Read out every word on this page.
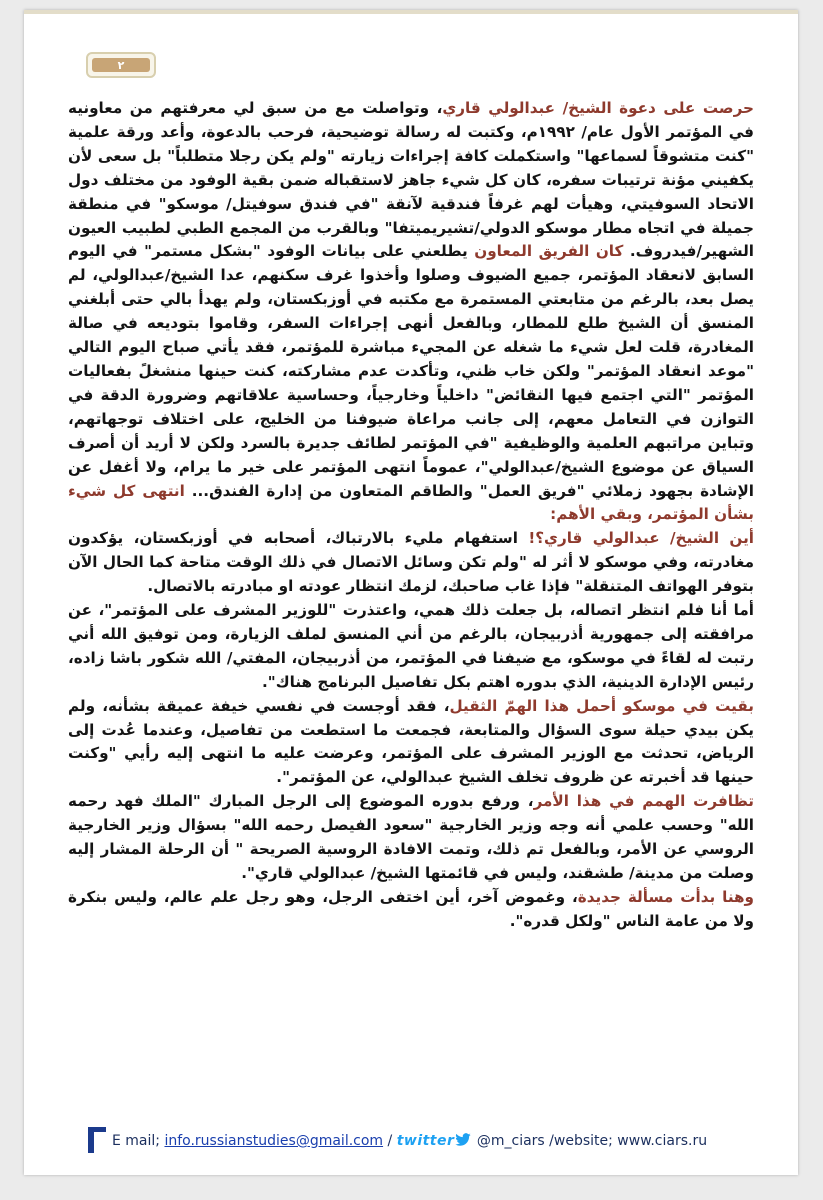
٢

حرصت على دعوة الشيخ/ عبدالولي قاري، وتواصلت مع من سبق لي معرفتهم من معاونيه في المؤتمر الأول عام/ ١٩٩٢م، وكتبت له رسالة توضيحية، فرحب بالدعوة، وأعد ورقة علمية "كنت متشوقاً لسماعها" واستكملت كافة إجراءات زيارته "ولم يكن رجلا متطلباً" بل سعى لأن يكفيني مؤنة ترتيبات سفره، كان كل شيء جاهز لاستقباله ضمن بقية الوفود من مختلف دول الاتحاد السوفيتي، وهيأت لهم غرفاً فندقية لآنقة "في فندق سوفيتل/ موسكو" في منطقة جميلة في اتجاه مطار موسكو الدولي/تشيريميتفا" وبالقرب من المجمع الطبي لطبيب العيون الشهير/فيدروف. كان الفريق المعاون يطلعني على بيانات الوفود "بشكل مستمر" في اليوم السابق لانعقاد المؤتمر، جميع الضيوف وصلوا وأخذوا غرف سكنهم، عدا الشيخ/عبدالولي، لم يصل بعد، بالرغم من متابعتي المستمرة مع مكتبه في أوزبكستان، ولم يهدأ بالي حتى أبلغني المنسق أن الشيخ طلع للمطار، وبالفعل أنهى إجراءات السفر، وقاموا بتوديعه في صالة المغادرة، قلت لعل شيء ما شغله عن المجيء مباشرة للمؤتمر، فقد يأتي صباح اليوم التالي "موعد انعقاد المؤتمر" ولكن خاب ظني، وتأكدت عدم مشاركته، كنت حينها منشغلً بفعاليات المؤتمر "التي اجتمع فيها النقائض" داخلياً وخارجياً، وحساسية علاقاتهم وضرورة الدقة في التوازن في التعامل معهم، إلى جانب مراعاة ضيوفنا من الخليج، على اختلاف توجهاتهم، وتباين مراتبهم العلمية والوظيفية "في المؤتمر لطائف جديرة بالسرد ولكن لا أريد أن أصرف السياق عن موضوع الشيخ/عبدالولي"، عموماً انتهى المؤتمر على خير ما يرام، ولا أغفل عن الإشادة بجهود زملائي "فريق العمل" والطاقم المتعاون من إدارة الفندق... انتهى كل شيء بشأن المؤتمر، وبقي الأهم:

أين الشيخ/ عبدالولي قاري؟! استفهام مليء بالارتباك، أصحابه في أوزبكستان، يؤكدون مغادرته، وفي موسكو لا أثر له "ولم تكن وسائل الاتصال في ذلك الوقت متاحة كما الحال الآن بتوفر الهواتف المتنقلة" فإذا غاب صاحبك، لزمك انتظار عودته او مبادرته بالاتصال.

أما أنا فلم انتظر اتصاله، بل جعلت ذلك همي، واعتذرت "للوزير المشرف على المؤتمر"، عن مرافقته إلى جمهورية أذربيجان، بالرغم من أني المنسق لملف الزيارة، ومن توفيق الله أني رتبت له لقاءً في موسكو، مع ضيفنا في المؤتمر، من أذربيجان، المفتي/ الله شكور باشا زاده، رئيس الإدارة الدينية، الذي بدوره اهتم بكل تفاصيل البرنامج هناك".

بقيت في موسكو أحمل هذا الهمّ الثقيل، فقد أوجست في نفسي خيفة عميقة بشأنه، ولم يكن بيدي حيلة سوى السؤال والمتابعة، فجمعت ما استطعت من تفاصيل، وعندما عُدت إلى الرياض، تحدثت مع الوزير المشرف على المؤتمر، وعرضت عليه ما انتهى إليه رأيي "وكنت حينها قد أخبرته عن ظروف تخلف الشيخ عبدالولي، عن المؤتمر".

تظافرت الهمم في هذا الأمر، ورفع بدوره الموضوع إلى الرجل المبارك "الملك فهد رحمه الله" وحسب علمي أنه وجه وزير الخارجية "سعود الفيصل رحمه الله" بسؤال وزير الخارجية الروسي عن الأمر، وبالفعل تم ذلك، وتمت الافادة الروسية الصريحة " أن الرحلة المشار إليه وصلت من مدينة/ طشقند، وليس في قائمتها الشيخ/ عبدالولي قاري".

وهنا بدأت مسألة جديدة، وغموض آخر، أين اختفى الرجل، وهو رجل علم عالم، وليس بنكرة ولا من عامة الناس "ولكل قدره".

E mail; info.russianstudies@gmail.com / twitter @m_ciars /website; www.ciars.ru
